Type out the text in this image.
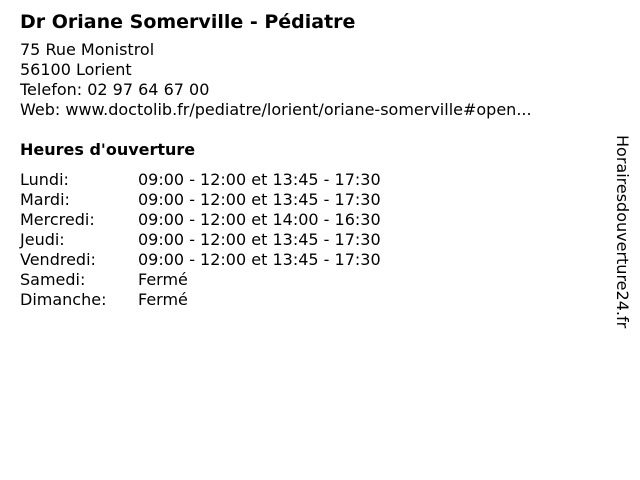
Dr Oriane Somerville - Pédiatre
75 Rue Monistrol
56100 Lorient
Telefon: 02 97 64 67 00
Web: www.doctolib.fr/pediatre/lorient/oriane-somerville#open...
Heures d'ouverture
Lundi:	09:00 - 12:00 et 13:45 - 17:30
Mardi:	09:00 - 12:00 et 13:45 - 17:30
Mercredi:	09:00 - 12:00 et 14:00 - 16:30
Jeudi:	09:00 - 12:00 et 13:45 - 17:30
Vendredi:	09:00 - 12:00 et 13:45 - 17:30
Samedi:	Fermé
Dimanche:	Fermé	Horairesdouverture24.fr
